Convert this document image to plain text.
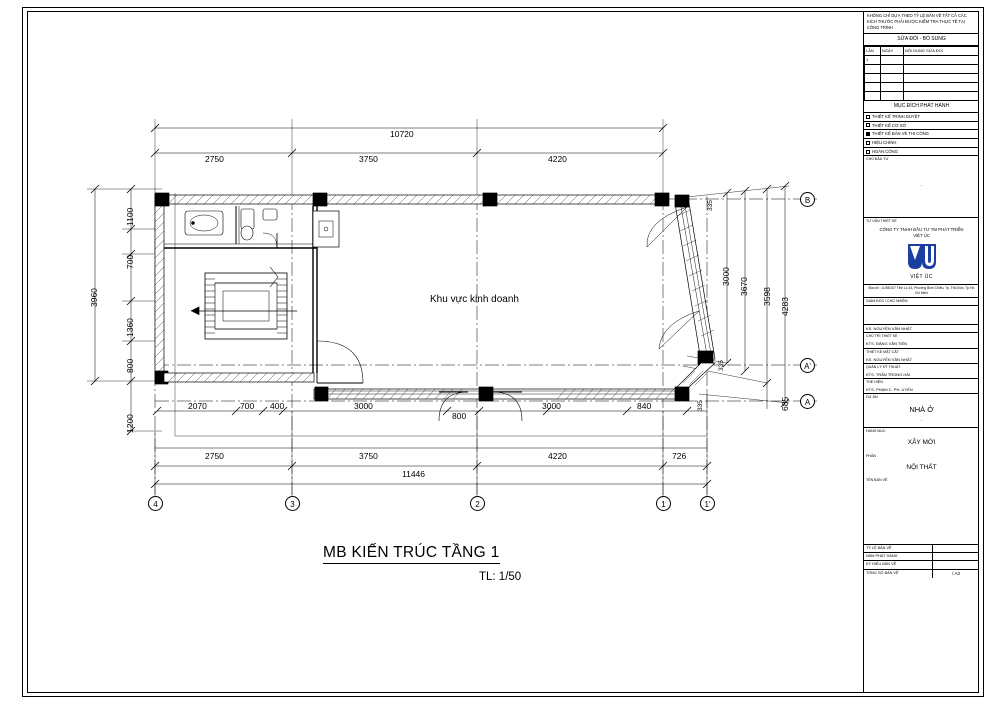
B
A'
A
4	3	2	1	1'
10720
2750	3750	4220
2070	700 400	3000
800
3000	840
2750	3750	4220	726
11446
3960
1100
700
1360
800
1200
3000
3670
3598
4283
685
335
335
335
Khu vực kinh doanh
MB KIẾN TRÚC TẦNG 1
TL: 1/50
KHÔNG CHỈ DỰA THEO TỶ LỆ BẢN VẼ TẤT CẢ CÁC KÍCH THƯỚC PHẢI ĐƯỢC KIỂM TRA THỰC TẾ TẠI CÔNG TRÌNH
SỬA ĐỔI - BỔ SUNG
LẦN	NGÀY	NỘI DUNG SỬA ĐỔI
1		

MỤC ĐÍCH PHÁT HÀNH
THIẾT KẾ TRÌNH DUYỆT
THIẾT KẾ CƠ SỞ
THIẾT KẾ BẢN VẼ THI CÔNG
HIỆU CHỈNH
HOÀN CÔNG
CHỦ ĐẦU TƯ
.
TƯ VẤN THIẾT KẾ
CÔNG TY TNHH ĐẦU TƯ TM PHÁT TRIỂN
VIỆT ÚC
VIỆT ÚC
Địa chỉ : 11/55/107 Tỉnh Lộ 43, Phường Bình Chiểu, Tp. Thủ Đức, Tp Hồ Chí Minh
GIÁM ĐỐC / CHỦ NHIỆM
KS. NGUYỄN VĂN NHẤT
CHỦ TRÌ THIẾT KẾ
KTS. ĐẶNG VĂN TIẾN
THIẾT KẾ MẶT CẮT
KS. NGUYỄN VĂN NHẤT
QUẢN LÝ KỸ THUẬT
KTS. TRẦN TRỌNG HẢI
THỂ HIỆN
KTS. PHẠM C. PH. UYÊN
DỰ ÁN
NHÀ Ở
.
HẠNG MỤC
XÂY MỚI
PHẦN
NỘI THẤT
TÊN BẢN VẼ
TỶ LỆ BẢN VẼ
NĂM PHÁT HÀNH
KÝ HIỆU BẢN VẼ
TỔNG SỐ BẢN VẼ	/ A3
